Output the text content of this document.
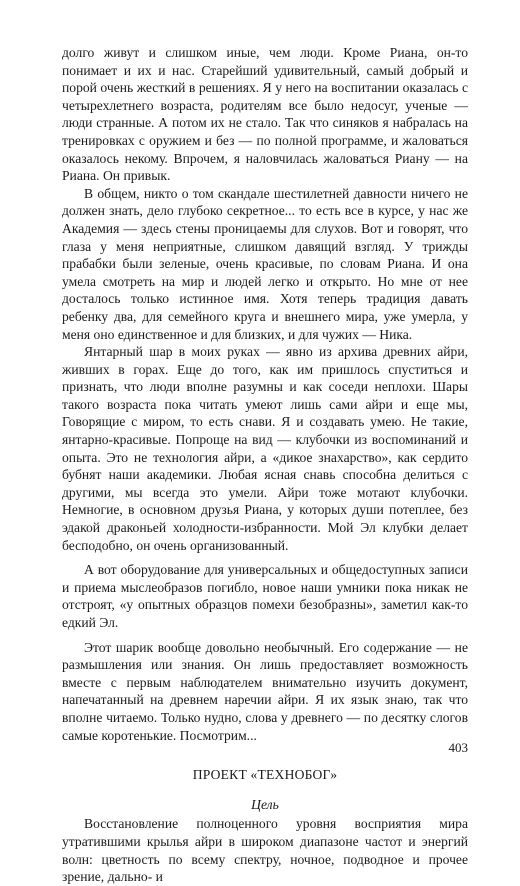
долго живут и слишком иные, чем люди. Кроме Риана, он-то понимает и их и нас. Старейший удивительный, самый добрый и порой очень жесткий в решениях. Я у него на воспитании оказалась с четырехлетнего возраста, родителям все было недосуг, ученые — люди странные. А потом их не стало. Так что синяков я набралась на тренировках с оружием и без — по полной программе, и жаловаться оказалось некому. Впрочем, я наловчилась жаловаться Риану — на Риана. Он привык.

В общем, никто о том скандале шестилетней давности ничего не должен знать, дело глубоко секретное... то есть все в курсе, у нас же Академия — здесь стены проницаемы для слухов. Вот и говорят, что глаза у меня неприятные, слишком давящий взгляд. У трижды прабабки были зеленые, очень красивые, по словам Риана. И она умела смотреть на мир и людей легко и открыто. Но мне от нее досталось только истинное имя. Хотя теперь традиция давать ребенку два, для семейного круга и внешнего мира, уже умерла, у меня оно единственное и для близких, и для чужих — Ника.

Янтарный шар в моих руках — явно из архива древних айри, живших в горах. Еще до того, как им пришлось спуститься и признать, что люди вполне разумны и как соседи неплохи. Шары такого возраста пока читать умеют лишь сами айри и еще мы, Говорящие с миром, то есть снави. Я и создавать умею. Не такие, янтарно-красивые. Попроще на вид — клубочки из воспоминаний и опыта. Это не технология айри, а «дикое знахарство», как сердито бубнят наши академики. Любая ясная снавь способна делиться с другими, мы всегда это умели. Айри тоже мотают клубочки. Немногие, в основном друзья Риана, у которых души потеплее, без эдакой драконьей холодности-избранности. Мой Эл клубки делает бесподобно, он очень организованный.

А вот оборудование для универсальных и общедоступных записи и приема мыслеобразов погибло, новое наши умники пока никак не отстроят, «у опытных образцов помехи безобразны», заметил как-то едкий Эл.

Этот шарик вообще довольно необычный. Его содержание — не размышления или знания. Он лишь предоставляет возможность вместе с первым наблюдателем внимательно изучить документ, напечатанный на древнем наречии айри. Я их язык знаю, так что вполне читаемо. Только нудно, слова у древнего — по десятку слогов самые коротенькие. Посмотрим...

ПРОЕКТ «ТЕХНОБОГ»
Цель

Восстановление полноценного уровня восприятия мира утратившими крылья айри в широком диапазоне частот и энергий волн: цветность по всему спектру, ночное, подводное и прочее зрение, дально- и

403
